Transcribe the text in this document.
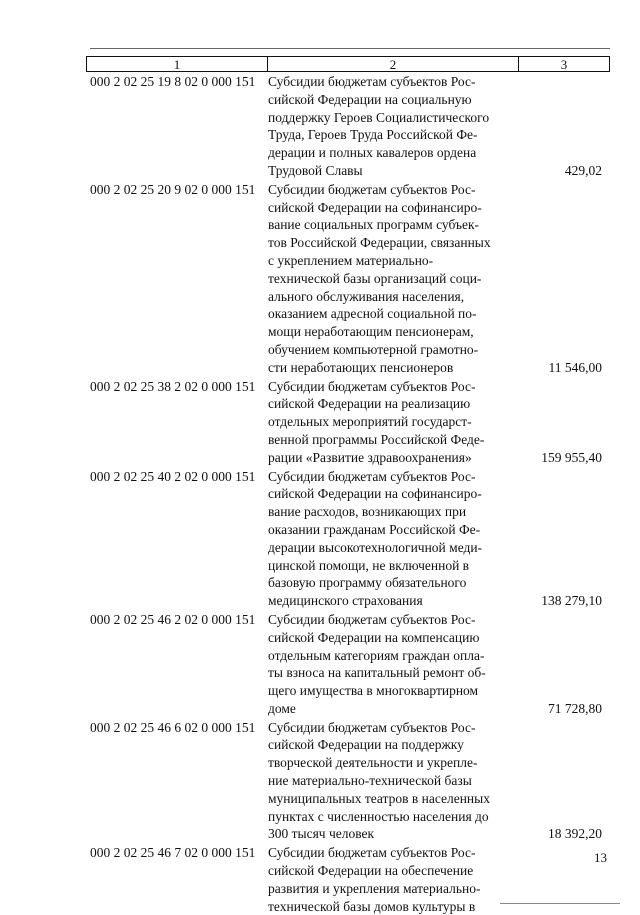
1	2	3
000 2 02 25 19 8 02 0 000 151 Субсидии бюджетам субъектов Рос-
сийской Федерации на социальную
поддержку Героев Социалистического
Труда, Героев Труда Российской Фе-
дерации и полных кавалеров ордена
Трудовой Славы	429,02
000 2 02 25 20 9 02 0 000 151 Субсидии бюджетам субъектов Рос-
сийской Федерации на софинансиро-
вание социальных программ субъек-
тов Российской Федерации, связанных
с укреплением материально-
технической базы организаций соци-
ального обслуживания населения,
оказанием адресной социальной по-
мощи неработающим пенсионерам,
обучением компьютерной грамотно-
сти неработающих пенсионеров	11 546,00
000 2 02 25 38 2 02 0 000 151 Субсидии бюджетам субъектов Рос-
сийской Федерации на реализацию
отдельных мероприятий государст-
венной программы Российской Феде-
рации «Развитие здравоохранения»	159 955,40
000 2 02 25 40 2 02 0 000 151 Субсидии бюджетам субъектов Рос-
сийской Федерации на софинансиро-
вание расходов, возникающих при
оказании гражданам Российской Фе-
дерации высокотехнологичной меди-
цинской помощи, не включенной в
базовую программу обязательного
медицинского страхования	138 279,10
000 2 02 25 46 2 02 0 000 151 Субсидии бюджетам субъектов Рос-
сийской Федерации на компенсацию
отдельным категориям граждан опла-
ты взноса на капитальный ремонт об-
щего имущества в многоквартирном
доме	71 728,80
000 2 02 25 46 6 02 0 000 151 Субсидии бюджетам субъектов Рос-
сийской Федерации на поддержку
творческой деятельности и укрепле-
ние материально-технической базы
муниципальных театров в населенных
пунктах с численностью населения до
300 тысяч человек	18 392,20
000 2 02 25 46 7 02 0 000 151 Субсидии бюджетам субъектов Рос-
сийской Федерации на обеспечение
развития и укрепления материально-
технической базы домов культуры в
13
